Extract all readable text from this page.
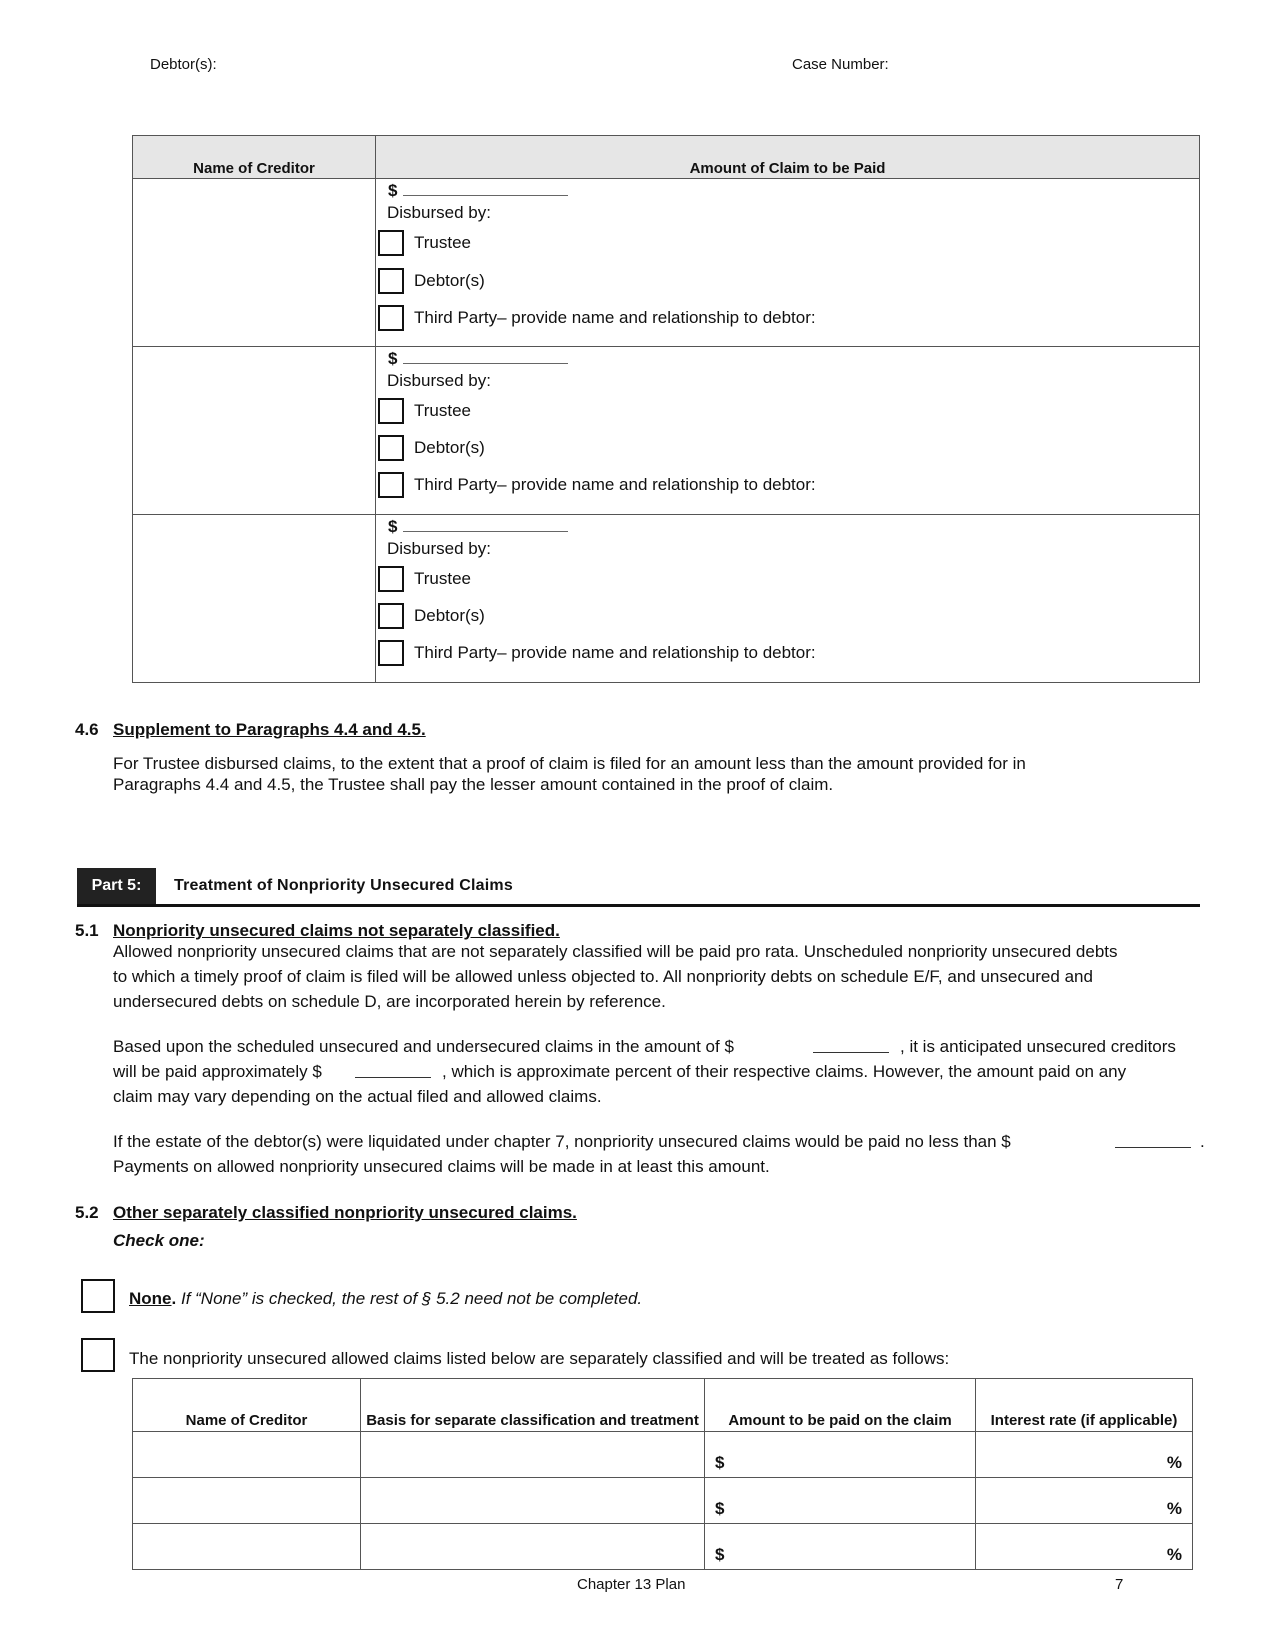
Debtor(s):	Case Number:
Name of Creditor	Amount of Claim to be Paid

	$
Disbursed by:
Trustee
Debtor(s)
Third Party– provide name and relationship to debtor:

	$
Disbursed by:
Trustee
Debtor(s)
Third Party– provide name and relationship to debtor:

	$
Disbursed by:
Trustee
Debtor(s)
Third Party– provide name and relationship to debtor:
4.6 Supplement to Paragraphs 4.4 and 4.5.
For Trustee disbursed claims, to the extent that a proof of claim is filed for an amount less than the amount provided for in
Paragraphs 4.4 and 4.5, the Trustee shall pay the lesser amount contained in the proof of claim.
Part 5:	Treatment of Nonpriority Unsecured Claims
5.1 Nonpriority unsecured claims not separately classified.
Allowed nonpriority unsecured claims that are not separately classified will be paid pro rata. Unscheduled nonpriority unsecured debts
to which a timely proof of claim is filed will be allowed unless objected to. All nonpriority debts on schedule E/F, and unsecured and
undersecured debts on schedule D, are incorporated herein by reference.
Based upon the scheduled unsecured and undersecured claims in the amount of $	, it is anticipated unsecured creditors
will be paid approximately $	, which is approximate percent of their respective claims. However, the amount paid on any
claim may vary depending on the actual filed and allowed claims.
If the estate of the debtor(s) were liquidated under chapter 7, nonpriority unsecured claims would be paid no less than $	.
Payments on allowed nonpriority unsecured claims will be made in at least this amount.
5.2 Other separately classified nonpriority unsecured claims.
Check one:
None. If “None” is checked, the rest of § 5.2 need not be completed.
The nonpriority unsecured allowed claims listed below are separately classified and will be treated as follows:
Name of Creditor	Basis for separate classification and treatment	Amount to be paid on the claim	Interest rate (if applicable)
		$	%
		$	%
		$	%
Chapter 13 Plan	7
